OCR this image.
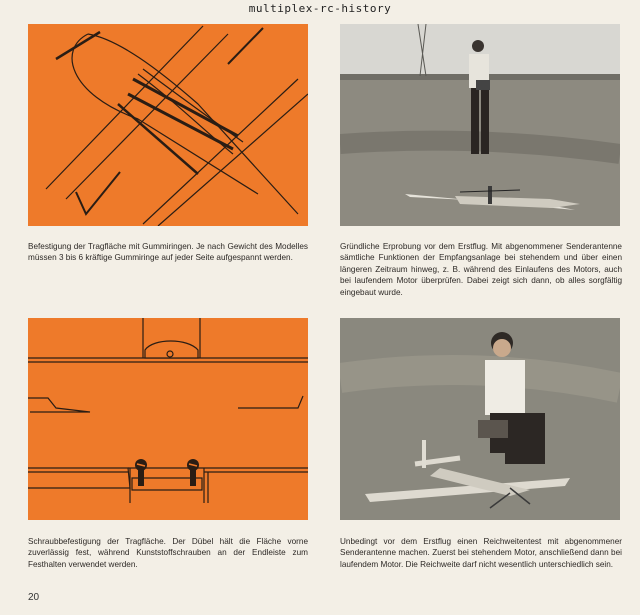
multiplex-rc-history
Befestigung der Tragfläche mit Gummiringen. Je nach Gewicht des Modelles müssen 3 bis 6 kräftige Gummiringe auf jeder Seite aufgespannt werden.
Gründliche Erprobung vor dem Erstflug. Mit abgenommener Senderantenne sämtliche Funktionen der Empfangsanlage bei stehendem und über einen längeren Zeitraum hinweg, z. B. während des Einlaufens des Motors, auch bei laufendem Motor überprüfen. Dabei zeigt sich dann, ob alles sorgfältig eingebaut wurde.
Schraubbefestigung der Tragfläche. Der Dübel hält die Fläche vorne zuverlässig fest, während Kunststoffschrauben an der Endleiste zum Festhalten verwendet werden.
Unbedingt vor dem Erstflug einen Reichweitentest mit abgenommener Senderantenne machen. Zuerst bei stehendem Motor, anschließend dann bei laufendem Motor. Die Reichweite darf nicht wesentlich unterschiedlich sein.
20
